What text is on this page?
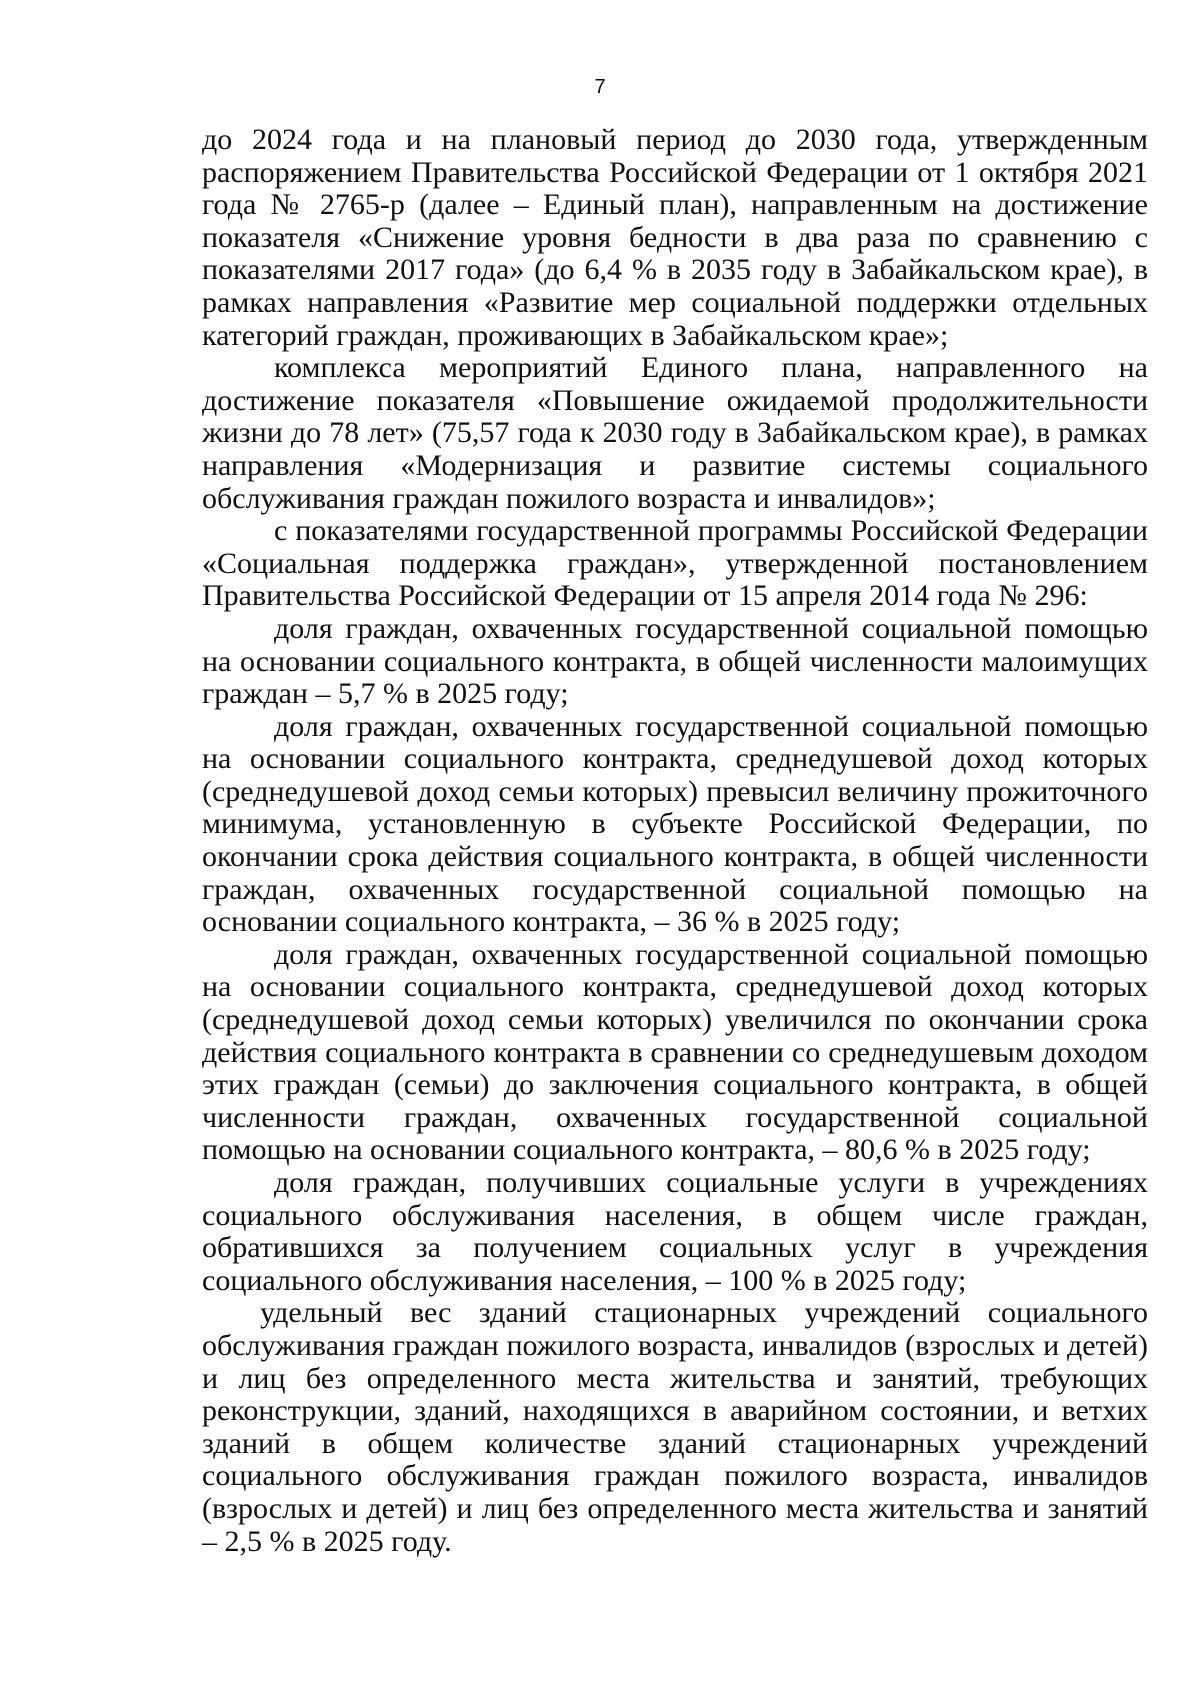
7

до 2024 года и на плановый период до 2030 года, утвержденным распоряжением Правительства Российской Федерации от 1 октября 2021 года № 2765-р (далее – Единый план), направленным на достижение показателя «Снижение уровня бедности в два раза по сравнению с показателями 2017 года» (до 6,4 % в 2035 году в Забайкальском крае), в рамках направления «Развитие мер социальной поддержки отдельных категорий граждан, проживающих в Забайкальском крае»;

комплекса мероприятий Единого плана, направленного на достижение показателя «Повышение ожидаемой продолжительности жизни до 78 лет» (75,57 года к 2030 году в Забайкальском крае), в рамках направления «Модернизация и развитие системы социального обслуживания граждан пожилого возраста и инвалидов»;

с показателями государственной программы Российской Федерации «Социальная поддержка граждан», утвержденной постановлением Правительства Российской Федерации от 15 апреля 2014 года № 296:

доля граждан, охваченных государственной социальной помощью на основании социального контракта, в общей численности малоимущих граждан – 5,7 % в 2025 году;

доля граждан, охваченных государственной социальной помощью на основании социального контракта, среднедушевой доход которых (среднедушевой доход семьи которых) превысил величину прожиточного минимума, установленную в субъекте Российской Федерации, по окончании срока действия социального контракта, в общей численности граждан, охваченных государственной социальной помощью на основании социального контракта, – 36 % в 2025 году;

доля граждан, охваченных государственной социальной помощью на основании социального контракта, среднедушевой доход которых (среднедушевой доход семьи которых) увеличился по окончании срока действия социального контракта в сравнении со среднедушевым доходом этих граждан (семьи) до заключения социального контракта, в общей численности граждан, охваченных государственной социальной помощью на основании социального контракта, – 80,6 % в 2025 году;

доля граждан, получивших социальные услуги в учреждениях социального обслуживания населения, в общем числе граждан, обратившихся за получением социальных услуг в учреждения социального обслуживания населения, – 100 % в 2025 году;

удельный вес зданий стационарных учреждений социального обслуживания граждан пожилого возраста, инвалидов (взрослых и детей) и лиц без определенного места жительства и занятий, требующих реконструкции, зданий, находящихся в аварийном состоянии, и ветхих зданий в общем количестве зданий стационарных учреждений социального обслуживания граждан пожилого возраста, инвалидов (взрослых и детей) и лиц без определенного места жительства и занятий – 2,5 % в 2025 году.
